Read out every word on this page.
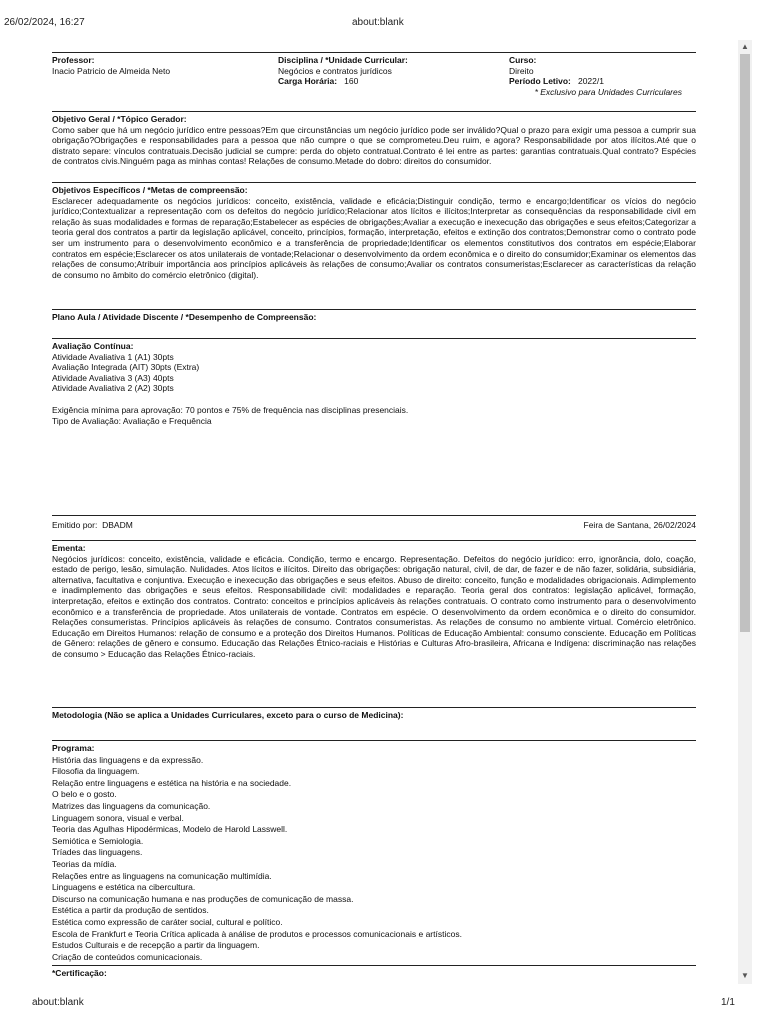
26/02/2024, 16:27	about:blank
Professor:
Inacio Patricio de Almeida Neto
Disciplina / *Unidade Curricular:
Negócios e contratos jurídicos
Carga Horária: 160
Curso:
Direito
Período Letivo: 2022/1
* Exclusivo para Unidades Curriculares
Objetivo Geral / *Tópico Gerador:
Como saber que há um negócio jurídico entre pessoas?Em que circunstâncias um negócio jurídico pode ser inválido?Qual o prazo para exigir uma pessoa a cumprir sua obrigação?Obrigações e responsabilidades para a pessoa que não cumpre o que se comprometeu.Deu ruim, e agora? Responsabilidade por atos ilícitos.Até que o distrato separe: vínculos contratuais.Decisão judicial se cumpre: perda do objeto contratual.Contrato é lei entre as partes: garantias contratuais.Qual contrato? Espécies de contratos civis.Ninguém paga as minhas contas! Relações de consumo.Metade do dobro: direitos do consumidor.
Objetivos Específicos / *Metas de compreensão:
Esclarecer adequadamente os negócios jurídicos: conceito, existência, validade e eficácia;Distinguir condição, termo e encargo;Identificar os vícios do negócio jurídico;Contextualizar a representação com os defeitos do negócio jurídico;Relacionar atos lícitos e ilícitos;Interpretar as consequências da responsabilidade civil em relação às suas modalidades e formas de reparação;Estabelecer as espécies de obrigações;Avaliar a execução e inexecução das obrigações e seus efeitos;Categorizar a teoria geral dos contratos a partir da legislação aplicável, conceito, princípios, formação, interpretação, efeitos e extinção dos contratos;Demonstrar como o contrato pode ser um instrumento para o desenvolvimento econômico e a transferência de propriedade;Identificar os elementos constitutivos dos contratos em espécie;Elaborar contratos em espécie;Esclarecer os atos unilaterais de vontade;Relacionar o desenvolvimento da ordem econômica e o direito do consumidor;Examinar os elementos das relações de consumo;Atribuir importância aos princípios aplicáveis às relações de consumo;Avaliar os contratos consumeristas;Esclarecer as características da relação de consumo no âmbito do comércio eletrônico (digital).
Plano Aula / Atividade Discente / *Desempenho de Compreensão:
Avaliação Contínua:
Atividade Avaliativa 1 (A1) 30pts
Avaliação Integrada (AIT) 30pts (Extra)
Atividade Avaliativa 3 (A3) 40pts
Atividade Avaliativa 2 (A2) 30pts
Exigência mínima para aprovação: 70 pontos e 75% de frequência nas disciplinas presenciais.
Tipo de Avaliação: Avaliação e Frequência
Emitido por: DBADM	Feira de Santana, 26/02/2024
Ementa:
Negócios jurídicos: conceito, existência, validade e eficácia. Condição, termo e encargo. Representação. Defeitos do negócio jurídico: erro, ignorância, dolo, coação, estado de perigo, lesão, simulação. Nulidades. Atos lícitos e ilícitos. Direito das obrigações: obrigação natural, civil, de dar, de fazer e de não fazer, solidária, subsidiária, alternativa, facultativa e conjuntiva. Execução e inexecução das obrigações e seus efeitos. Abuso de direito: conceito, função e modalidades obrigacionais. Adimplemento e inadimplemento das obrigações e seus efeitos. Responsabilidade civil: modalidades e reparação. Teoria geral dos contratos: legislação aplicável, formação, interpretação, efeitos e extinção dos contratos. Contrato: conceitos e princípios aplicáveis às relações contratuais. O contrato como instrumento para o desenvolvimento econômico e a transferência de propriedade. Atos unilaterais de vontade. Contratos em espécie. O desenvolvimento da ordem econômica e o direito do consumidor. Relações consumeristas. Princípios aplicáveis às relações de consumo. Contratos consumeristas. As relações de consumo no ambiente virtual. Comércio eletrônico. Educação em Direitos Humanos: relação de consumo e a proteção dos Direitos Humanos. Políticas de Educação Ambiental: consumo consciente. Educação em Políticas de Gênero: relações de gênero e consumo. Educação das Relações Étnico-raciais e Histórias e Culturas Afro-brasileira, Africana e Indígena: discriminação nas relações de consumo > Educação das Relações Étnico-raciais.
Metodologia (Não se aplica a Unidades Curriculares, exceto para o curso de Medicina):
Programa:
História das linguagens e da expressão.
Filosofia da linguagem.
Relação entre linguagens e estética na história e na sociedade.
O belo e o gosto.
Matrizes das linguagens da comunicação.
Linguagem sonora, visual e verbal.
Teoria das Agulhas Hipodérmicas, Modelo de Harold Lasswell.
Semiótica e Semiologia.
Tríades das linguagens.
Teorias da mídia.
Relações entre as linguagens na comunicação multimídia.
Linguagens e estética na cibercultura.
Discurso na comunicação humana e nas produções de comunicação de massa.
Estética a partir da produção de sentidos.
Estética como expressão de caráter social, cultural e político.
Escola de Frankfurt e Teoria Crítica aplicada à análise de produtos e processos comunicacionais e artísticos.
Estudos Culturais e de recepção a partir da linguagem.
Criação de conteúdos comunicacionais.
*Certificação:
▲
▼
about:blank	1/1
